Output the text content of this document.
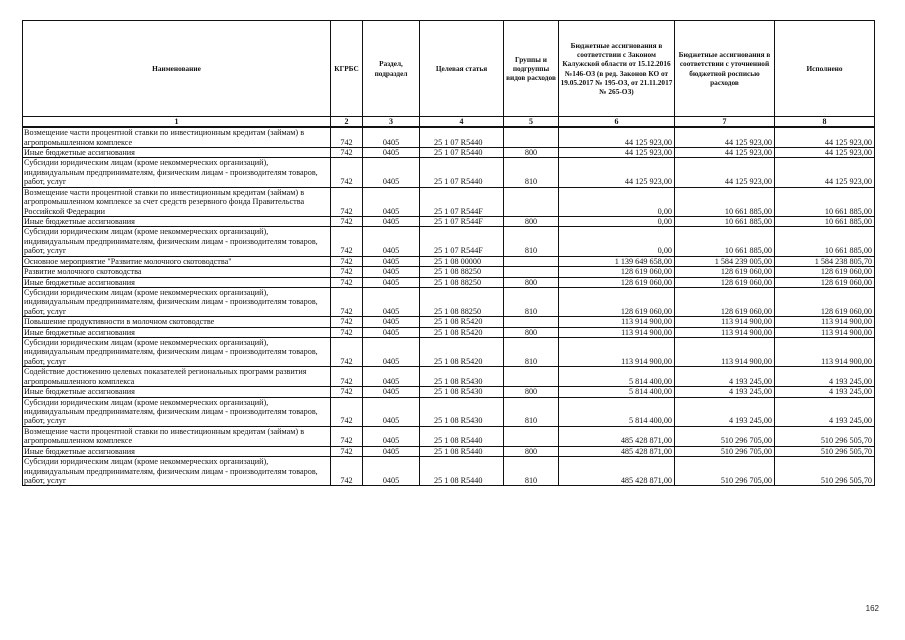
Наименование	КГРБС	Раздел, подраздел	Целевая статья	Группы и подгруппы видов расходов	Бюджетные ассигнования в соответствии с Законом Калужской области от 15.12.2016 №146-ОЗ (в ред. Законов КО от 19.05.2017 № 195-ОЗ, от 21.11.2017 № 265-ОЗ)	Бюджетные ассигнования в соответствии с уточненной бюджетной росписью расходов	Исполнено
1	2	3	4	5	6	7	8
Возмещение части процентной ставки по инвестиционным кредитам (займам) в агропромышленном комплексе	742	0405	25 1 07 R5440		44 125 923,00	44 125 923,00	44 125 923,00
Иные бюджетные ассигнования	742	0405	25 1 07 R5440	800	44 125 923,00	44 125 923,00	44 125 923,00
Субсидии юридическим лицам (кроме некоммерческих организаций), индивидуальным предпринимателям, физическим лицам - производителям товаров, работ, услуг	742	0405	25 1 07 R5440	810	44 125 923,00	44 125 923,00	44 125 923,00
Возмещение части процентной ставки по инвестиционным кредитам (займам) в агропромышленном комплексе за счет средств резервного фонда Правительства Российской Федерации	742	0405	25 1 07 R544F		0,00	10 661 885,00	10 661 885,00
Иные бюджетные ассигнования	742	0405	25 1 07 R544F	800	0,00	10 661 885,00	10 661 885,00
Субсидии юридическим лицам (кроме некоммерческих организаций), индивидуальным предпринимателям, физическим лицам - производителям товаров, работ, услуг	742	0405	25 1 07 R544F	810	0,00	10 661 885,00	10 661 885,00
Основное мероприятие "Развитие молочного скотоводства"	742	0405	25 1 08 00000		1 139 649 658,00	1 584 239 005,00	1 584 238 805,70
Развитие молочного скотоводства	742	0405	25 1 08 88250		128 619 060,00	128 619 060,00	128 619 060,00
Иные бюджетные ассигнования	742	0405	25 1 08 88250	800	128 619 060,00	128 619 060,00	128 619 060,00
Субсидии юридическим лицам (кроме некоммерческих организаций), индивидуальным предпринимателям, физическим лицам - производителям товаров, работ, услуг	742	0405	25 1 08 88250	810	128 619 060,00	128 619 060,00	128 619 060,00
Повышение продуктивности в молочном скотоводстве	742	0405	25 1 08 R5420		113 914 900,00	113 914 900,00	113 914 900,00
Иные бюджетные ассигнования	742	0405	25 1 08 R5420	800	113 914 900,00	113 914 900,00	113 914 900,00
Субсидии юридическим лицам (кроме некоммерческих организаций), индивидуальным предпринимателям, физическим лицам - производителям товаров, работ, услуг	742	0405	25 1 08 R5420	810	113 914 900,00	113 914 900,00	113 914 900,00
Содействие достижению целевых показателей региональных программ развития агропромышленного комплекса	742	0405	25 1 08 R5430		5 814 400,00	4 193 245,00	4 193 245,00
Иные бюджетные ассигнования	742	0405	25 1 08 R5430	800	5 814 400,00	4 193 245,00	4 193 245,00
Субсидии юридическим лицам (кроме некоммерческих организаций), индивидуальным предпринимателям, физическим лицам - производителям товаров, работ, услуг	742	0405	25 1 08 R5430	810	5 814 400,00	4 193 245,00	4 193 245,00
Возмещение части процентной ставки по инвестиционным кредитам (займам) в агропромышленном комплексе	742	0405	25 1 08 R5440		485 428 871,00	510 296 705,00	510 296 505,70
Иные бюджетные ассигнования	742	0405	25 1 08 R5440	800	485 428 871,00	510 296 705,00	510 296 505,70
Субсидии юридическим лицам (кроме некоммерческих организаций), индивидуальным предпринимателям, физическим лицам - производителям товаров, работ, услуг	742	0405	25 1 08 R5440	810	485 428 871,00	510 296 705,00	510 296 505,70
162
